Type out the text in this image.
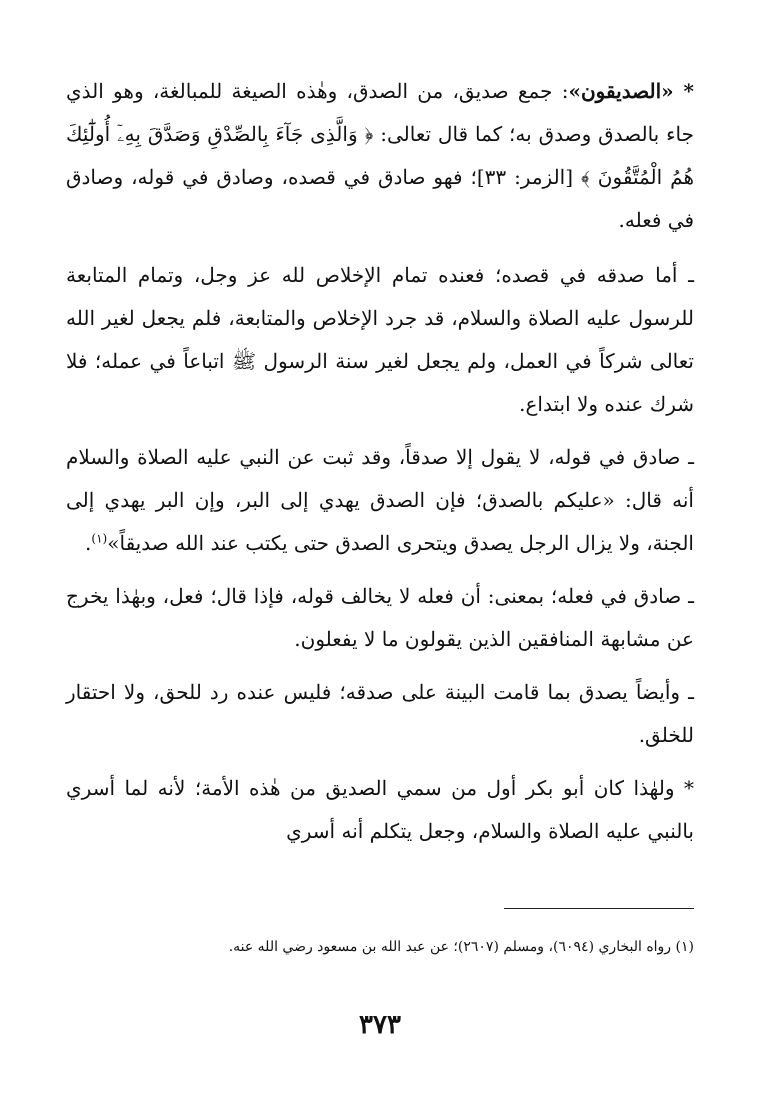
* «الصديقون»: جمع صديق، من الصدق، وهٰذه الصيغة للمبالغة، وهو الذي جاء بالصدق وصدق به؛ كما قال تعالى: ﴿ وَالَّذِى جَآءَ بِالصِّدْقِ وَصَدَّقَ بِهِۦٓ أُولَٰٓئِكَ هُمُ الْمُتَّقُونَ ﴾ [الزمر: ٣٣]؛ فهو صادق في قصده، وصادق في قوله، وصادق في فعله.
ـ أما صدقه في قصده؛ فعنده تمام الإخلاص لله عز وجل، وتمام المتابعة للرسول عليه الصلاة والسلام، قد جرد الإخلاص والمتابعة، فلم يجعل لغير الله تعالى شركاً في العمل، ولم يجعل لغير سنة الرسول ﷺ اتباعاً في عمله؛ فلا شرك عنده ولا ابتداع.
ـ صادق في قوله، لا يقول إلا صدقاً، وقد ثبت عن النبي عليه الصلاة والسلام أنه قال: «عليكم بالصدق؛ فإن الصدق يهدي إلى البر، وإن البر يهدي إلى الجنة، ولا يزال الرجل يصدق ويتحرى الصدق حتى يكتب عند الله صديقاً»$^{(١)}$.
ـ صادق في فعله؛ بمعنى: أن فعله لا يخالف قوله، فإذا قال؛ فعل، وبهٰذا يخرج عن مشابهة المنافقين الذين يقولون ما لا يفعلون.
ـ وأيضاً يصدق بما قامت البينة على صدقه؛ فليس عنده رد للحق، ولا احتقار للخلق.
* ولهٰذا كان أبو بكر أول من سمي الصديق من هٰذه الأمة؛ لأنه لما أسري بالنبي عليه الصلاة والسلام، وجعل يتكلم أنه أسري
(١) رواه البخاري (٦٠٩٤)، ومسلم (٢٦٠٧)؛ عن عبد الله بن مسعود رضي الله عنه.
٣٧٣
